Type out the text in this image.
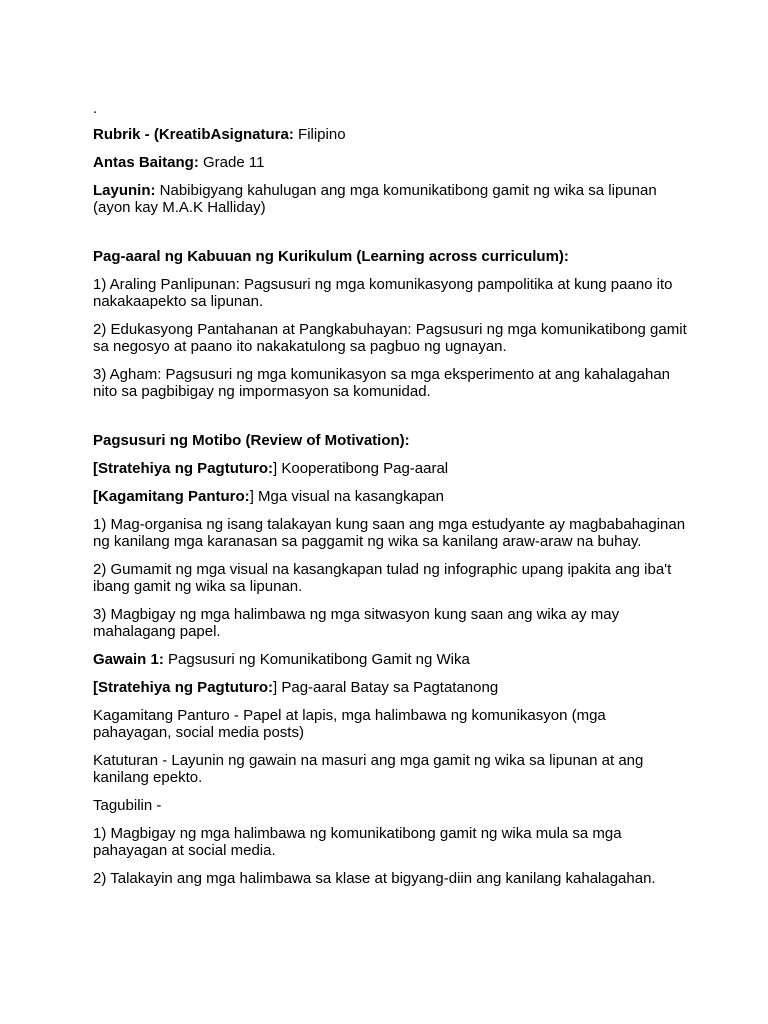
.

Rubrik - (KreatibAsignatura: Filipino

Antas Baitang: Grade 11

Layunin: Nabibigyang kahulugan ang mga komunikatibong gamit ng wika sa lipunan (ayon kay M.A.K Halliday)

Pag-aaral ng Kabuuan ng Kurikulum (Learning across curriculum):

1) Araling Panlipunan: Pagsusuri ng mga komunikasyong pampolitika at kung paano ito nakakaapekto sa lipunan.

2) Edukasyong Pantahanan at Pangkabuhayan: Pagsusuri ng mga komunikatibong gamit sa negosyo at paano ito nakakatulong sa pagbuo ng ugnayan.

3) Agham: Pagsusuri ng mga komunikasyon sa mga eksperimento at ang kahalagahan nito sa pagbibigay ng impormasyon sa komunidad.

Pagsusuri ng Motibo (Review of Motivation):

[Stratehiya ng Pagtuturo:] Kooperatibong Pag-aaral

[Kagamitang Panturo:] Mga visual na kasangkapan

1) Mag-organisa ng isang talakayan kung saan ang mga estudyante ay magbabahaginan ng kanilang mga karanasan sa paggamit ng wika sa kanilang araw-araw na buhay.

2) Gumamit ng mga visual na kasangkapan tulad ng infographic upang ipakita ang iba't ibang gamit ng wika sa lipunan.

3) Magbigay ng mga halimbawa ng mga sitwasyon kung saan ang wika ay may mahalagang papel.

Gawain 1: Pagsusuri ng Komunikatibong Gamit ng Wika

[Stratehiya ng Pagtuturo:] Pag-aaral Batay sa Pagtatanong

Kagamitang Panturo - Papel at lapis, mga halimbawa ng komunikasyon (mga pahayagan, social media posts)

Katuturan - Layunin ng gawain na masuri ang mga gamit ng wika sa lipunan at ang kanilang epekto.

Tagubilin -

1) Magbigay ng mga halimbawa ng komunikatibong gamit ng wika mula sa mga pahayagan at social media.

2) Talakayin ang mga halimbawa sa klase at bigyang-diin ang kanilang kahalagahan.
